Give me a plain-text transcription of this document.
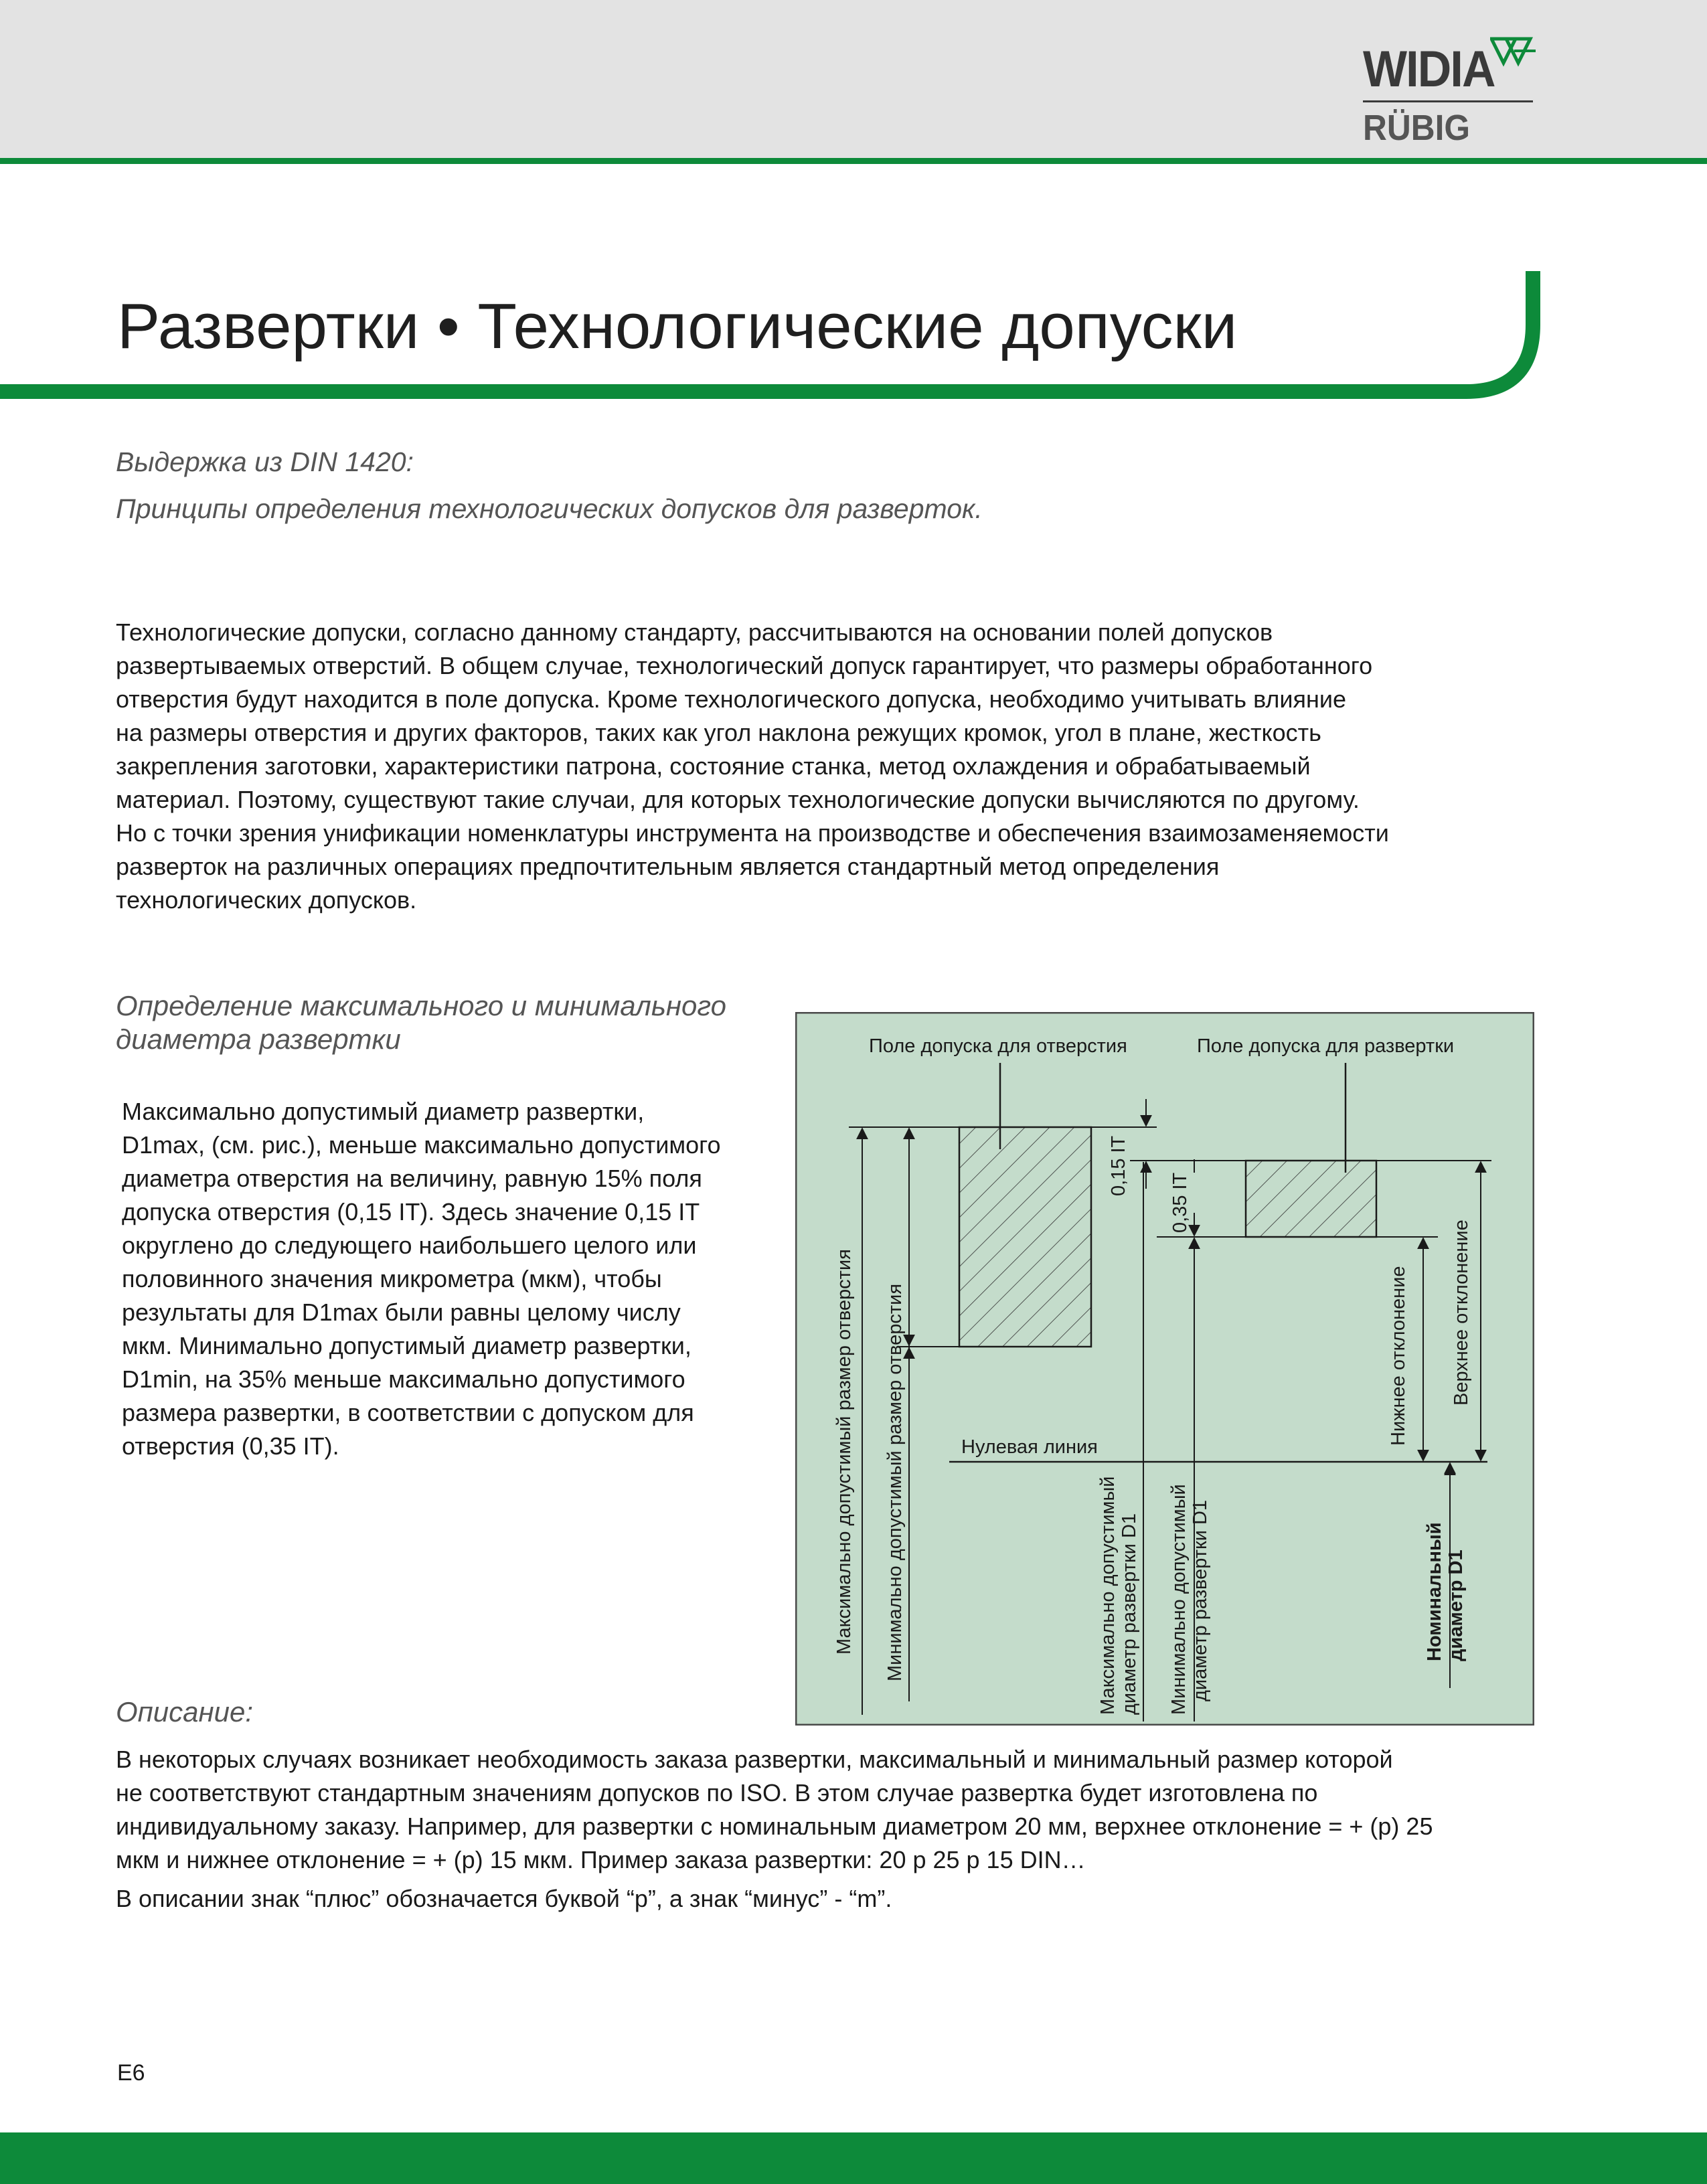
WIDIA
RÜBIG
Развертки • Технологические допуски
Выдержка из DIN 1420:
Принципы определения технологических допусков для разверток.
Технологические допуски, согласно данному стандарту, рассчитываются на основании полей допусков
развертываемых отверстий. В общем случае, технологический допуск гарантирует, что размеры обработанного
отверстия будут находится в поле допуска. Кроме технологического допуска, необходимо учитывать влияние
на размеры отверстия и других факторов, таких как угол наклона режущих кромок, угол в плане, жесткость
закрепления заготовки, характеристики патрона, состояние станка, метод охлаждения и обрабатываемый
материал. Поэтому, существуют такие случаи, для которых технологические допуски вычисляются по другому.
Но с точки зрения унификации номенклатуры инструмента на производстве и обеспечения взаимозаменяемости
разверток на различных операциях предпочтительным является стандартный метод определения
технологических допусков.
Определение максимального и минимального
диаметра развертки
Максимально допустимый диаметр развертки,
D1max, (см. рис.), меньше максимально допустимого
диаметра отверстия на величину, равную 15% поля
допуска отверстия (0,15 IT). Здесь значение 0,15 IT
округлено до следующего наибольшего целого или
половинного значения микрометра (мкм), чтобы
результаты для D1max были равны целому числу
мкм. Минимально допустимый диаметр развертки,
D1min, на 35% меньше максимально допустимого
размера развертки, в соответствии с допуском для
отверстия (0,35 IT).
Поле допуска для отверстия	Поле допуска для развертки
Нулевая линия
0,15 IT
0,35 IT
Максимально допустимый размер отверстия Минимально допустимый размер отверстия	Максимально допустимый диаметр развертки D1 Минимально допустимый диаметр развертки D1
Нижнее отклонение Верхнее отклонение
Номинальный диаметр D1
Описание:
В некоторых случаях возникает необходимость заказа развертки, максимальный и минимальный размер которой
не соответствуют стандартным значениям допусков по ISO. В этом случае развертка будет изготовлена по
индивидуальному заказу. Например, для развертки с номинальным диаметром 20 мм, верхнее отклонение = + (p) 25
мкм и нижнее отклонение = + (p) 15 мкм. Пример заказа развертки: 20 p 25 p 15 DIN…
В описании знак “плюс” обозначается буквой “p”, а знак “минус” - “m”.
E6
